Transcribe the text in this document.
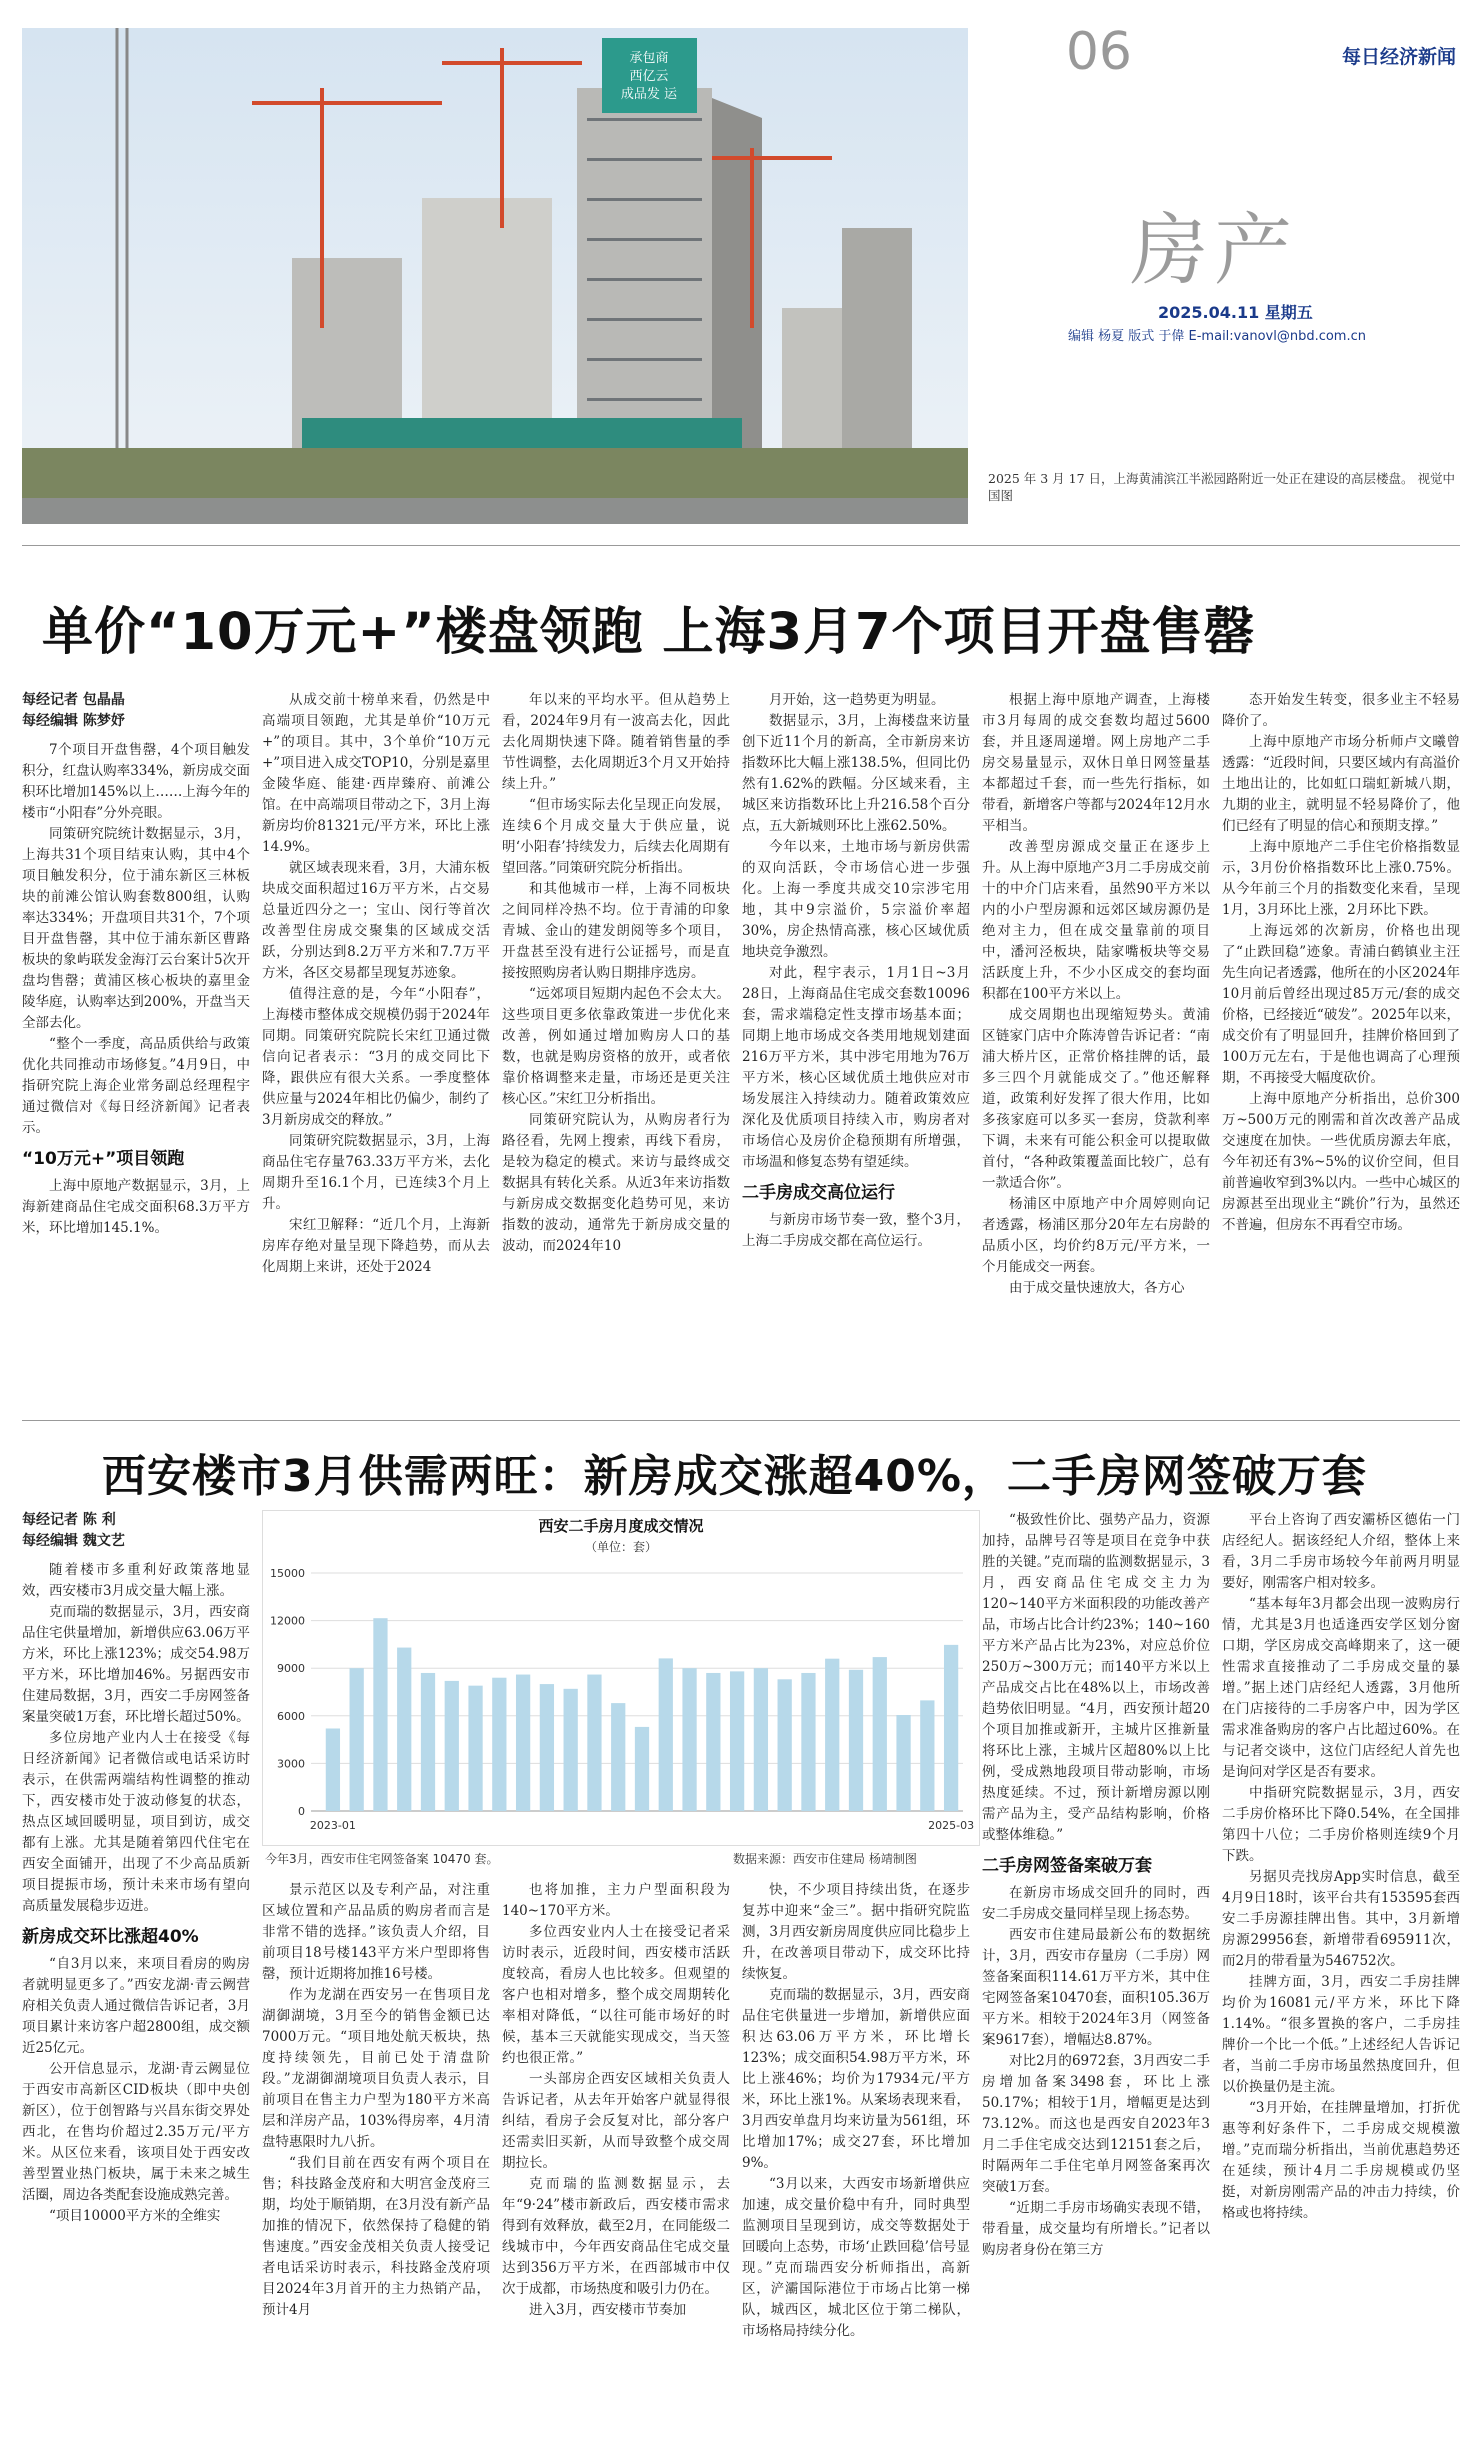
承包商
西亿云
成品发 运
06	每日经济新闻
房产
2025.04.11 星期五
编辑 杨夏 版式 于偉 E-mail:vanovl@nbd.com.cn
2025 年 3 月 17 日，上海黄浦滨江半淞园路附近一处正在建设的高层楼盘。 视觉中国图
单价“10万元+”楼盘领跑 上海3月7个项目开盘售罄

每经记者 包晶晶

每经编辑 陈梦妤

7个项目开盘售罄，4个项目触发积分，红盘认购率334%，新房成交面积环比增加145%以上……上海今年的楼市“小阳春”分外亮眼。

同策研究院统计数据显示，3月，上海共31个项目结束认购，其中4个项目触发积分，位于浦东新区三林板块的前滩公馆认购套数800组，认购率达334%；开盘项目共31个，7个项目开盘售罄，其中位于浦东新区曹路板块的象屿联发金海汀云台案计5次开盘均售罄；黄浦区核心板块的嘉里金陵华庭，认购率达到200%，开盘当天全部去化。

“整个一季度，高品质供给与政策优化共同推动市场修复。”4月9日，中指研究院上海企业常务副总经理程宇通过微信对《每日经济新闻》记者表示。

“10万元+”项目领跑

上海中原地产数据显示，3月，上海新建商品住宅成交面积68.3万平方米，环比增加145.1%。

从成交前十榜单来看，仍然是中高端项目领跑，尤其是单价“10万元+”的项目。其中，3个单价“10万元+”项目进入成交TOP10，分别是嘉里金陵华庭、能建·西岸臻府、前滩公馆。在中高端项目带动之下，3月上海新房均价81321元/平方米，环比上涨14.9%。

就区域表现来看，3月，大浦东板块成交面积超过16万平方米，占交易总量近四分之一；宝山、闵行等首次改善型住房成交聚集的区域成交活跃，分别达到8.2万平方米和7.7万平方米，各区交易都呈现复苏迹象。

值得注意的是，今年“小阳春”，上海楼市整体成交规模仍弱于2024年同期。同策研究院院长宋红卫通过微信向记者表示：“3月的成交同比下降，跟供应有很大关系。一季度整体供应量与2024年相比仍偏少，制约了3月新房成交的释放。”

同策研究院数据显示，3月，上海商品住宅存量763.33万平方米，去化周期升至16.1个月，已连续3个月上升。

宋红卫解释：“近几个月，上海新房库存绝对量呈现下降趋势，而从去化周期上来讲，还处于2024

年以来的平均水平。但从趋势上看，2024年9月有一波高去化，因此去化周期快速下降。随着销售量的季节性调整，去化周期近3个月又开始持续上升。”

“但市场实际去化呈现正向发展，连续6个月成交量大于供应量，说明‘小阳春’持续发力，后续去化周期有望回落。”同策研究院分析指出。

和其他城市一样，上海不同板块之间同样冷热不均。位于青浦的印象青城、金山的建发朗阅等多个项目，开盘甚至没有进行公证摇号，而是直接按照购房者认购日期排序选房。

“远郊项目短期内起色不会太大。这些项目更多依靠政策进一步优化来改善，例如通过增加购房人口的基数，也就是购房资格的放开，或者依靠价格调整来走量，市场还是更关注核心区。”宋红卫分析指出。

同策研究院认为，从购房者行为路径看，先网上搜索，再线下看房，是较为稳定的模式。来访与最终成交数据具有转化关系。从近3年来访指数与新房成交数据变化趋势可见，来访指数的波动，通常先于新房成交量的波动，而2024年10

月开始，这一趋势更为明显。

数据显示，3月，上海楼盘来访量创下近11个月的新高，全市新房来访指数环比大幅上涨138.5%，但同比仍然有1.62%的跌幅。分区域来看，主城区来访指数环比上升216.58个百分点，五大新城则环比上涨62.50%。

今年以来，土地市场与新房供需的双向活跃，令市场信心进一步强化。上海一季度共成交10宗涉宅用地，其中9宗溢价，5宗溢价率超30%，房企热情高涨，核心区域优质地块竞争激烈。

对此，程宇表示，1月1日~3月28日，上海商品住宅成交套数10096套，需求端稳定性支撑市场基本面；同期上地市场成交各类用地规划建面216万平方米，其中涉宅用地为76万平方米，核心区域优质土地供应对市场发展注入持续动力。随着政策效应深化及优质项目持续入市，购房者对市场信心及房价企稳预期有所增强，市场温和修复态势有望延续。

二手房成交高位运行

与新房市场节奏一致，整个3月，上海二手房成交都在高位运行。

根据上海中原地产调查，上海楼市3月每周的成交套数均超过5600套，并且逐周递增。网上房地产二手房交易量显示，双休日单日网签量基本都超过千套，而一些先行指标，如带看，新增客户等都与2024年12月水平相当。

改善型房源成交量正在逐步上升。从上海中原地产3月二手房成交前十的中介门店来看，虽然90平方米以内的小户型房源和远郊区域房源仍是绝对主力，但在成交量靠前的项目中，潘河泾板块，陆家嘴板块等交易活跃度上升，不少小区成交的套均面积都在100平方米以上。

成交周期也出现缩短势头。黄浦区链家门店中介陈涛曾告诉记者：“南浦大桥片区，正常价格挂牌的话，最多三四个月就能成交了。”他还解释道，政策利好发挥了很大作用，比如多孩家庭可以多买一套房，贷款利率下调，未来有可能公积金可以提取做首付，“各种政策覆盖面比较广，总有一款适合你”。

杨浦区中原地产中介周婷则向记者透露，杨浦区那分20年左右房龄的品质小区，均价约8万元/平方米，一个月能成交一两套。

由于成交量快速放大，各方心

态开始发生转变，很多业主不轻易降价了。

上海中原地产市场分析师卢文曦曾透露：“近段时间，只要区域内有高溢价土地出让的，比如虹口瑞虹新城八期，九期的业主，就明显不轻易降价了，他们已经有了明显的信心和预期支撑。”

上海中原地产二手住宅价格指数显示，3月份价格指数环比上涨0.75%。从今年前三个月的指数变化来看，呈现1月，3月环比上涨，2月环比下跌。

上海远郊的次新房，价格也出现了“止跌回稳”迹象。青浦白鹤镇业主汪先生向记者透露，他所在的小区2024年10月前后曾经出现过85万元/套的成交价格，已经接近“破发”。2025年以来，成交价有了明显回升，挂牌价格回到了100万元左右，于是他也调高了心理预期，不再接受大幅度砍价。

上海中原地产分析指出，总价300万~500万元的刚需和首次改善产品成交速度在加快。一些优质房源去年底，今年初还有3%~5%的议价空间，但目前普遍收窄到3%以内。一些中心城区的房源甚至出现业主“跳价”行为，虽然还不普遍，但房东不再看空市场。

西安楼市3月供需两旺：新房成交涨超40%，二手房网签破万套

每经记者 陈 利

每经编辑 魏文艺

随着楼市多重利好政策落地显效，西安楼市3月成交量大幅上涨。

克而瑞的数据显示，3月，西安商品住宅供量增加，新增供应63.06万平方米，环比上涨123%；成交54.98万平方米，环比增加46%。另据西安市住建局数据，3月，西安二手房网签备案量突破1万套，环比增长超过50%。

多位房地产业内人士在接受《每日经济新闻》记者微信或电话采访时表示，在供需两端结构性调整的推动下，西安楼市处于波动修复的状态，热点区域回暖明显，项目到访，成交都有上涨。尤其是随着第四代住宅在西安全面铺开，出现了不少高品质新项目提振市场，预计未来市场有望向高质量发展稳步迈进。

新房成交环比涨超40%

“自3月以来，来项目看房的购房者就明显更多了。”西安龙湖·青云阙营府相关负责人通过微信告诉记者，3月项目累计来访客户超2800组，成交额近25亿元。

公开信息显示，龙湖·青云阙显位于西安市高新区CID板块（即中央创新区），位于创智路与兴昌东街交界处西北，在售均价超过2.35万元/平方米。从区位来看，该项目处于西安改善型置业热门板块，属于未来之城生活圈，周边各类配套设施成熟完善。

“项目10000平方米的全维实

西安二手房月度成交情况
（单位：套）
0
3000
6000
9000
12000
15000
2023-01	2025-03
今年3月，西安市住宅网签备案 10470 套。	数据来源：西安市住建局 杨靖制图

景示范区以及专利产品，对注重区域位置和产品品质的购房者而言是非常不错的选择。”该负责人介绍，目前项目18号楼143平方米户型即将售罄，预计近期将加推16号楼。

作为龙湖在西安另一在售项目龙湖御湖境，3月至今的销售金额已达7000万元。“项目地处航天板块，热度持续领先，目前已处于清盘阶段。”龙湖御湖境项目负责人表示，目前项目在售主力户型为180平方米高层和洋房产品，103%得房率，4月清盘特惠限时九八折。

“我们目前在西安有两个项目在售；科技路金茂府和大明宫金茂府三期，均处于顺销期，在3月没有新产品加推的情况下，依然保持了稳健的销售速度。”西安金茂相关负责人接受记者电话采访时表示，科技路金茂府项目2024年3月首开的主力热销产品，预计4月

也将加推，主力户型面积段为140~170平方米。

多位西安业内人士在接受记者采访时表示，近段时间，西安楼市活跃度较高，看房人也比较多。但观望的客户也相对增多，整个成交周期转化率相对降低，“以往可能市场好的时候，基本三天就能实现成交，当天签约也很正常。”

一头部房企西安区域相关负责人告诉记者，从去年开始客户就显得很纠结，看房子会反复对比，部分客户还需卖旧买新，从而导致整个成交周期拉长。

克而瑞的监测数据显示，去年“9·24”楼市新政后，西安楼市需求得到有效释放，截至2月，在同能级二线城市中，今年西安商品住宅成交量达到356万平方米，在西部城市中仅次于成都，市场热度和吸引力仍在。

进入3月，西安楼市节奏加

快，不少项目持续出货，在逐步复苏中迎来“金三”。据中指研究院监测，3月西安新房周度供应同比稳步上升，在改善项目带动下，成交环比持续恢复。

克而瑞的数据显示，3月，西安商品住宅供量进一步增加，新增供应面积达63.06万平方米，环比增长123%；成交面积54.98万平方米，环比上涨46%；均价为17934元/平方米，环比上涨1%。从案场表现来看，3月西安单盘月均来访量为561组，环比增加17%；成交27套，环比增加9%。

“3月以来，大西安市场新增供应加速，成交量价稳中有升，同时典型监测项目呈现到访，成交等数据处于回暖向上态势，市场‘止跌回稳’信号显现。”克而瑞西安分析师指出，高新区，浐灞国际港位于市场占比第一梯队，城西区，城北区位于第二梯队，市场格局持续分化。

“极致性价比、强势产品力，资源加持，品牌号召等是项目在竞争中获胜的关键。”克而瑞的监测数据显示，3月，西安商品住宅成交主力为120~140平方米面积段的功能改善产品，市场占比合计约23%；140~160平方米产品占比为23%，对应总价位250万~300万元；而140平方米以上产品成交占比在48%以上，市场改善趋势依旧明显。“4月，西安预计超20个项目加推或新开，主城片区推新量将环比上涨，主城片区超80%以上比例，受成熟地段项目带动影响，市场热度延续。不过，预计新增房源以刚需产品为主，受产品结构影响，价格或整体维稳。”

二手房网签备案破万套

在新房市场成交回升的同时，西安二手房成交量同样呈现上扬态势。

西安市住建局最新公布的数据统计，3月，西安市存量房（二手房）网签备案面积114.61万平方米，其中住宅网签备案10470套，面积105.36万平方米。相较于2024年3月（网签备案9617套），增幅达8.87%。

对比2月的6972套，3月西安二手房增加备案3498套，环比上涨50.17%；相较于1月，增幅更是达到73.12%。而这也是西安自2023年3月二手住宅成交达到12151套之后，时隔两年二手住宅单月网签备案再次突破1万套。

“近期二手房市场确实表现不错，带看量，成交量均有所增长。”记者以购房者身份在第三方

平台上咨询了西安灞桥区德佑一门店经纪人。据该经纪人介绍，整体上来看，3月二手房市场较今年前两月明显要好，刚需客户相对较多。

“基本每年3月都会出现一波购房行情，尤其是3月也适逢西安学区划分窗口期，学区房成交高峰期来了，这一硬性需求直接推动了二手房成交量的暴增。”据上述门店经纪人透露，3月他所在门店接待的二手房客户中，因为学区需求准备购房的客户占比超过60%。在与记者交谈中，这位门店经纪人首先也是询问对学区是否有要求。

中指研究院数据显示，3月，西安二手房价格环比下降0.54%，在全国排第四十八位；二手房价格则连续9个月下跌。

另据贝壳找房App实时信息，截至4月9日18时，该平台共有153595套西安二手房源挂牌出售。其中，3月新增房源29956套，新增带看695911次，而2月的带看量为546752次。

挂牌方面，3月，西安二手房挂牌均价为16081元/平方米，环比下降1.14%。“很多置换的客户，二手房挂牌价一个比一个低。”上述经纪人告诉记者，当前二手房市场虽然热度回升，但以价换量仍是主流。

“3月开始，在挂牌量增加，打折优惠等利好条件下，二手房成交规模激增。”克而瑞分析指出，当前优惠趋势还在延续，预计4月二手房规模或仍坚挺，对新房刚需产品的冲击力持续，价格或也将持续。
